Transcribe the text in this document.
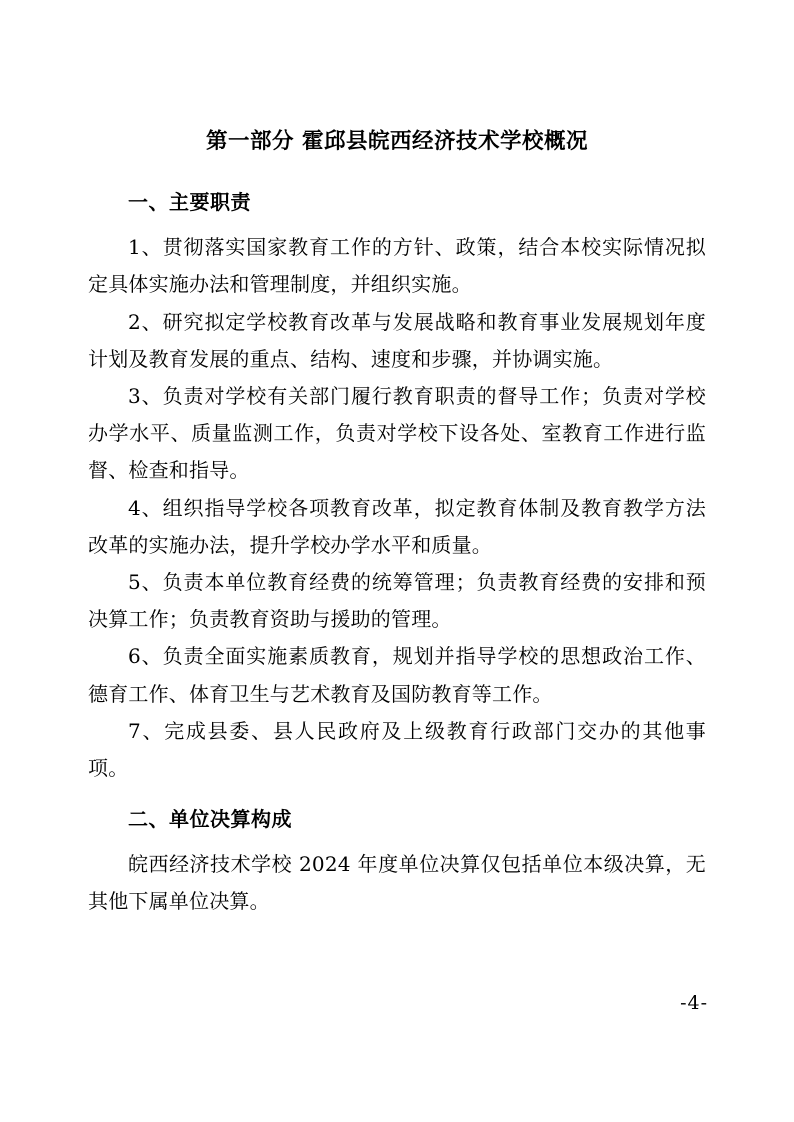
第一部分 霍邱县皖西经济技术学校概况
一、主要职责

1、贯彻落实国家教育工作的方针、政策，结合本校实际情况拟定具体实施办法和管理制度，并组织实施。

2、研究拟定学校教育改革与发展战略和教育事业发展规划年度计划及教育发展的重点、结构、速度和步骤，并协调实施。

3、负责对学校有关部门履行教育职责的督导工作；负责对学校办学水平、质量监测工作，负责对学校下设各处、室教育工作进行监督、检查和指导。

4、组织指导学校各项教育改革，拟定教育体制及教育教学方法改革的实施办法，提升学校办学水平和质量。

5、负责本单位教育经费的统筹管理；负责教育经费的安排和预决算工作；负责教育资助与援助的管理。

6、负责全面实施素质教育，规划并指导学校的思想政治工作、德育工作、体育卫生与艺术教育及国防教育等工作。

7、完成县委、县人民政府及上级教育行政部门交办的其他事项。

二、单位决算构成

皖西经济技术学校 2024 年度单位决算仅包括单位本级决算，无其他下属单位决算。

-4-
